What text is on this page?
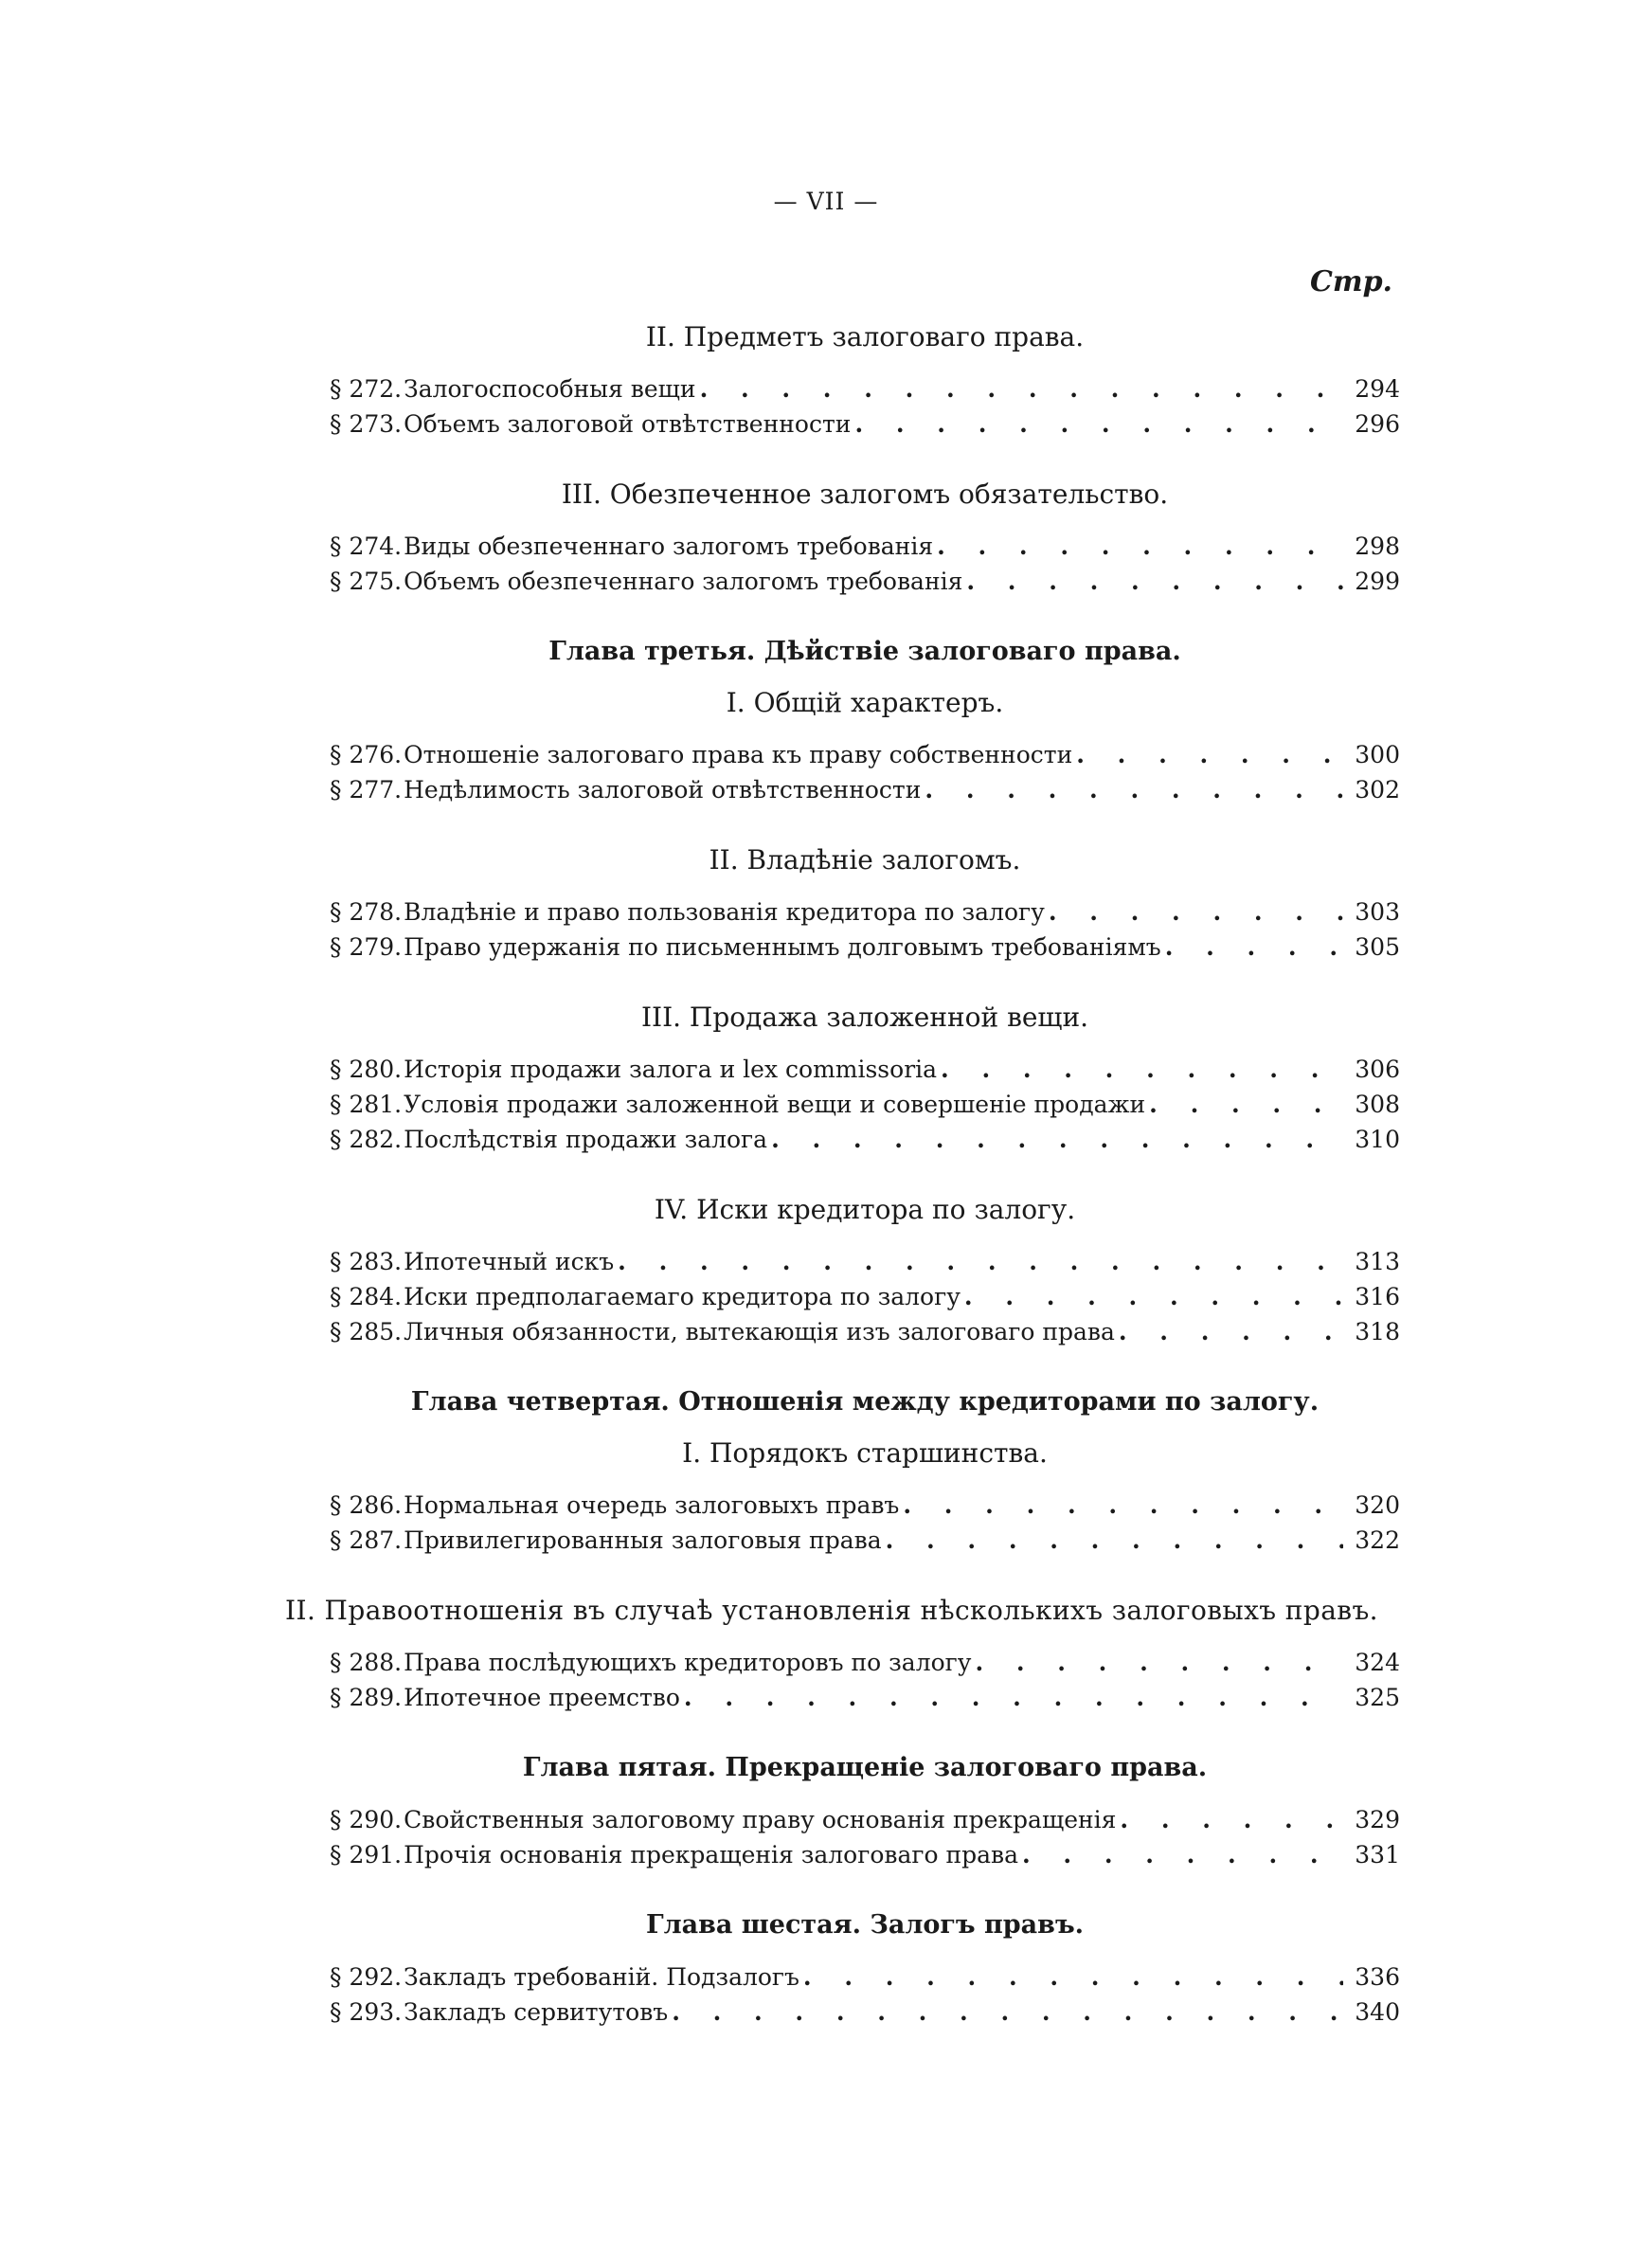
— VII —
Стр.
II. Предметъ залоговаго права.
§ 272. Залогоспособныя вещи . . .	294
§ 273. Объемъ залоговой отвѣтственности . . .	296
III. Обезпеченное залогомъ обязательство.
§ 274. Виды обезпеченнаго залогомъ требованія . . .	298
§ 275. Объемъ обезпеченнаго залогомъ требованія . . .	299
Глава третья. Дѣйствіе залоговаго права.
I. Общій характеръ.
§ 276. Отношеніе залоговаго права къ праву собственности . . .	300
§ 277. Недѣлимость залоговой отвѣтственности . . .	302
II. Владѣніе залогомъ.
§ 278. Владѣніе и право пользованія кредитора по залогу . . .	303
§ 279. Право удержанія по письменнымъ долговымъ требованіямъ . . .	305
III. Продажа заложенной вещи.
§ 280. Исторія продажи залога и lex commissoria . . .	306
§ 281. Условія продажи заложенной вещи и совершеніе продажи . . .	308
§ 282. Послѣдствія продажи залога . . .	310
IV. Иски кредитора по залогу.
§ 283. Ипотечный искъ . . .	313
§ 284. Иски предполагаемаго кредитора по залогу . . .	316
§ 285. Личныя обязанности, вытекающія изъ залоговаго права . . .	318
Глава четвертая. Отношенія между кредиторами по залогу.
I. Порядокъ старшинства.
§ 286. Нормальная очередь залоговыхъ правъ . . .	320
§ 287. Привилегированныя залоговыя права . . .	322
II. Правоотношенія въ случаѣ установленія нѣсколькихъ залоговыхъ правъ.
§ 288. Права послѣдующихъ кредиторовъ по залогу . . .	324
§ 289. Ипотечное преемство . . .	325
Глава пятая. Прекращеніе залоговаго права.
§ 290. Свойственныя залоговому праву основанія прекращенія . . .	329
§ 291. Прочія основанія прекращенія залоговаго права . . .	331
Глава шестая. Залогъ правъ.
§ 292. Закладъ требованій. Подзалогъ . . .	336
§ 293. Закладъ сервитутовъ . . .	340
